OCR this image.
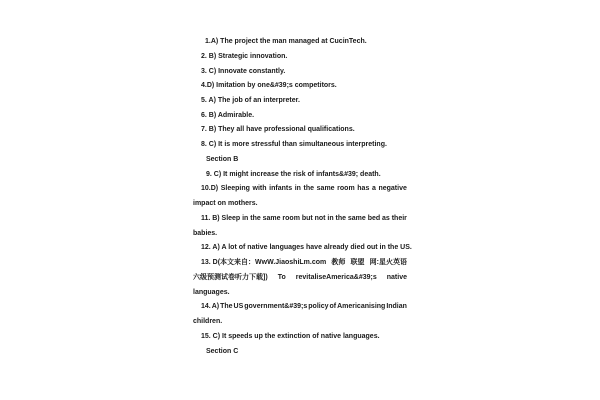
1.A) The project the man managed at CucinTech.
2. B) Strategic innovation.
3. C) Innovate constantly.
4.D) Imitation by one&#39;s competitors.
5. A) The job of an interpreter.
6. B) Admirable.
7. B) They all have professional qualifications.
8. C) It is more stressful than simultaneous interpreting.
Section B
9. C) It might increase the risk of infants&#39; death.
10.D) Sleeping with infants in the same room has a negative
impact on mothers.
11. B) Sleep in the same room but not in the same bed as their
babies.
12. A) A lot of native languages have already died out in the US.
13. D(本文来自：WwW.JiaoshiLm.com 教师 联盟 网:星火英语
六级预测试卷听力下载]) To revitaliseAmerica&#39;s native
languages.
14. A) The US government&#39;s policy of Americanising Indian
children.
15. C) It speeds up the extinction of native languages.
Section C
